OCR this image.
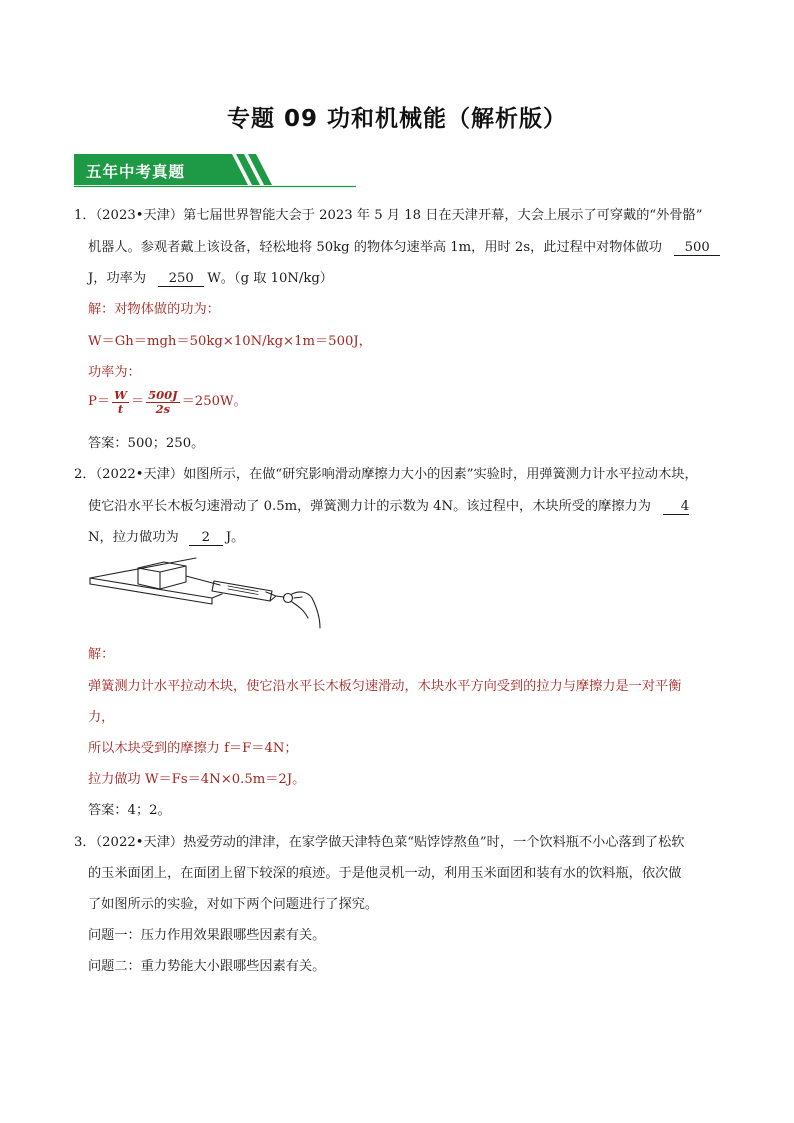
专题 09 功和机械能（解析版）
五年中考真题
1．（2023•天津）第七届世界智能大会于 2023 年 5 月 18 日在天津开幕，大会上展示了可穿戴的“外骨骼”
机器人。参观者戴上该设备，轻松地将 50kg 的物体匀速举高 1m，用时 2s，此过程中对物体做功 500
J，功率为 250 W。（g 取 10N/kg）
解：对物体做的功为：
W＝Gh＝mgh＝50kg×10N/kg×1m＝500J，
功率为：
$P= \frac{W}{t} = \frac{500J}{2s} =250W$。
答案：500；250。
2．（2022•天津）如图所示，在做“研究影响滑动摩擦力大小的因素”实验时，用弹簧测力计水平拉动木块，
使它沿水平长木板匀速滑动了 0.5m，弹簧测力计的示数为 4N。该过程中，木块所受的摩擦力为 4
N，拉力做功为 2 J。
解：
弹簧测力计水平拉动木块，使它沿水平长木板匀速滑动，木块水平方向受到的拉力与摩擦力是一对平衡
力，
所以木块受到的摩擦力 f＝F＝4N；
拉力做功 W＝Fs＝4N×0.5m＝2J。
答案：4；2。
3．（2022•天津）热爱劳动的津津，在家学做天津特色菜“贴饽饽熬鱼”时，一个饮料瓶不小心落到了松软
的玉米面团上，在面团上留下较深的痕迹。于是他灵机一动，利用玉米面团和装有水的饮料瓶，依次做
了如图所示的实验，对如下两个问题进行了探究。
问题一：压力作用效果跟哪些因素有关。
问题二：重力势能大小跟哪些因素有关。
